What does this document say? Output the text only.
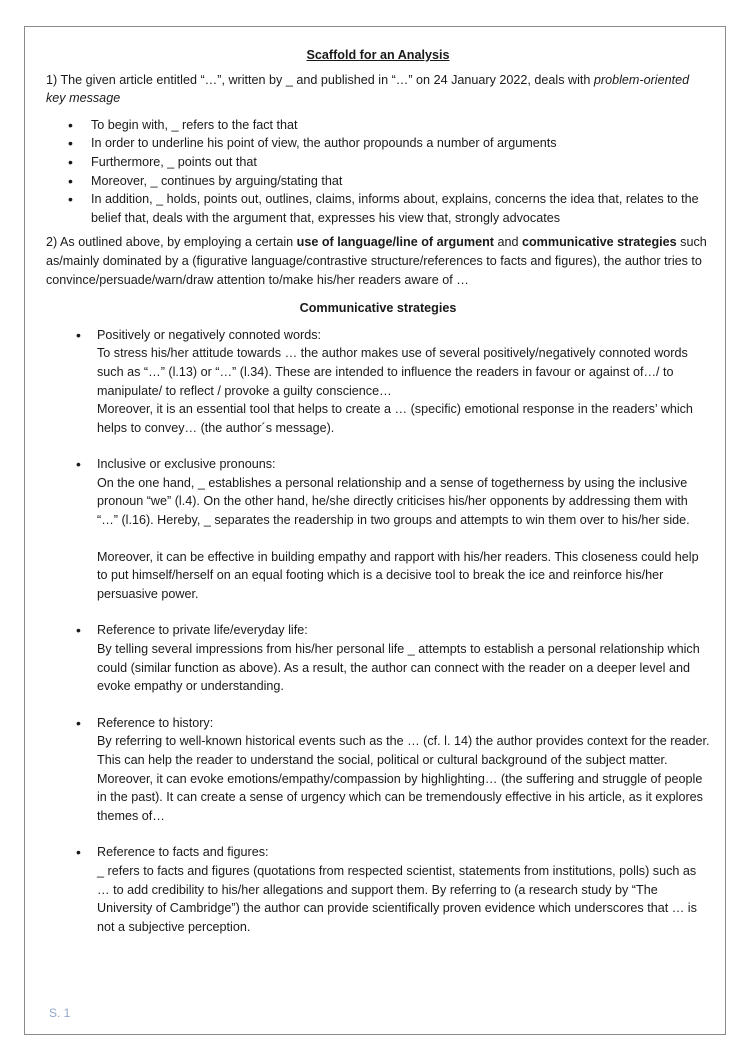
Scaffold for an Analysis

1) The given article entitled “…”, written by _ and published in “…” on 24 January 2022, deals with problem-oriented key message

• To begin with, _ refers to the fact that
• In order to underline his point of view, the author propounds a number of arguments
• Furthermore, _ points out that
• Moreover, _ continues by arguing/stating that
• In addition, _ holds, points out, outlines, claims, informs about, explains, concerns the idea that, relates to the belief that, deals with the argument that, expresses his view that, strongly advocates

2) As outlined above, by employing a certain use of language/line of argument and communicative strategies such as/mainly dominated by a (figurative language/contrastive structure/references to facts and figures), the author tries to convince/persuade/warn/draw attention to/make his/her readers aware of …

Communicative strategies

• Positively or negatively connoted words:

To stress his/her attitude towards … the author makes use of several positively/negatively connoted words such as “…” (l.13) or “…” (l.34). These are intended to influence the readers in favour or against of…/ to manipulate/ to reflect / provoke a guilty conscience…

Moreover, it is an essential tool that helps to create a … (specific) emotional response in the readers’ which helps to convey… (the author´s message).

• Inclusive or exclusive pronouns:

On the one hand, _ establishes a personal relationship and a sense of togetherness by using the inclusive pronoun “we” (l.4). On the other hand, he/she directly criticises his/her opponents by addressing them with “…” (l.16). Hereby, _ separates the readership in two groups and attempts to win them over to his/her side.

Moreover, it can be effective in building empathy and rapport with his/her readers. This closeness could help to put himself/herself on an equal footing which is a decisive tool to break the ice and reinforce his/her persuasive power.

• Reference to private life/everyday life:

By telling several impressions from his/her personal life _ attempts to establish a personal relationship which could (similar function as above). As a result, the author can connect with the reader on a deeper level and evoke empathy or understanding.

• Reference to history:

By referring to well-known historical events such as the … (cf. l. 14) the author provides context for the reader. This can help the reader to understand the social, political or cultural background of the subject matter. Moreover, it can evoke emotions/empathy/compassion by highlighting… (the suffering and struggle of people in the past). It can create a sense of urgency which can be tremendously effective in his article, as it explores themes of…

• Reference to facts and figures:

_ refers to facts and figures (quotations from respected scientist, statements from institutions, polls) such as … to add credibility to his/her allegations and support them. By referring to (a research study by “The University of Cambridge”) the author can provide scientifically proven evidence which underscores that … is not a subjective perception.

S. 1
